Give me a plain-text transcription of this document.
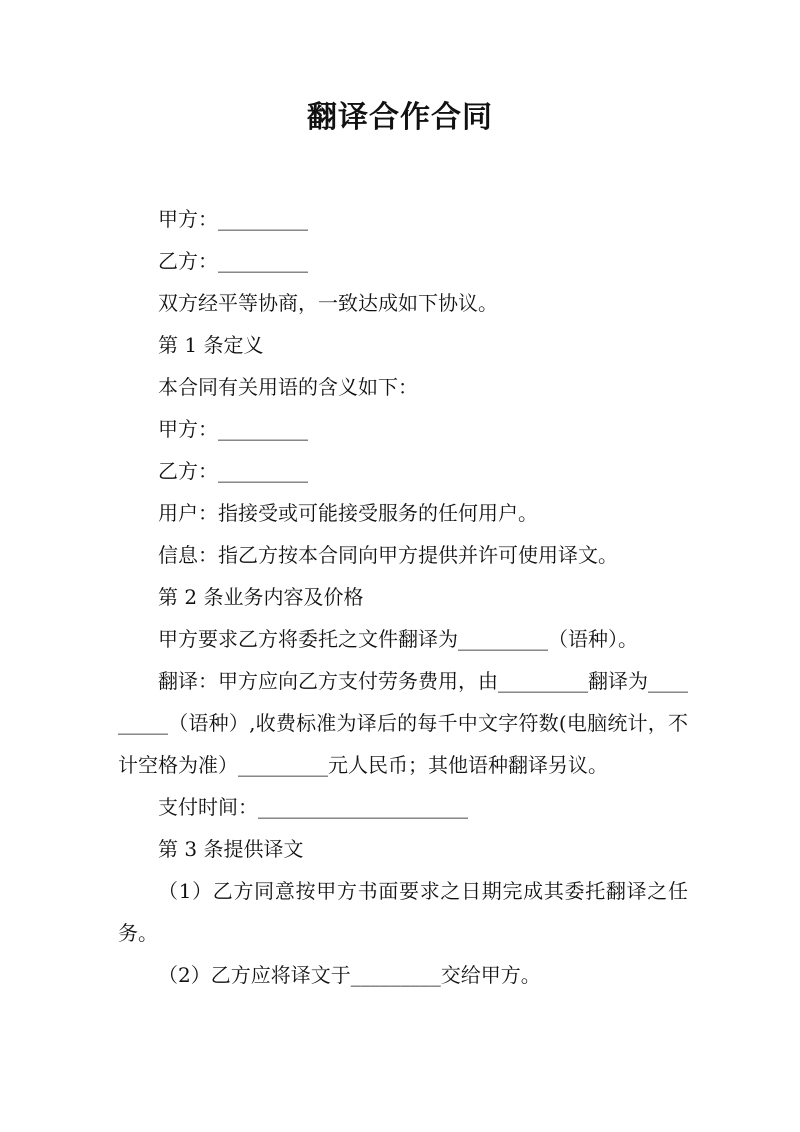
翻译合作合同

甲方：_________

乙方：_________

双方经平等协商，一致达成如下协议。

第 1 条定义

本合同有关用语的含义如下：

甲方：_________

乙方：_________

用户：指接受或可能接受服务的任何用户。

信息：指乙方按本合同向甲方提供并许可使用译文。

第 2 条业务内容及价格

甲方要求乙方将委托之文件翻译为_________（语种）。

翻译：甲方应向乙方支付劳务费用，由_________翻译为_________（语种）,收费标准为译后的每千中文字符数(电脑统计，不计空格为准）_________元人民币；其他语种翻译另议。

支付时间：_____________________

第 3 条提供译文

（1）乙方同意按甲方书面要求之日期完成其委托翻译之任务。

（2）乙方应将译文于_________交给甲方。
